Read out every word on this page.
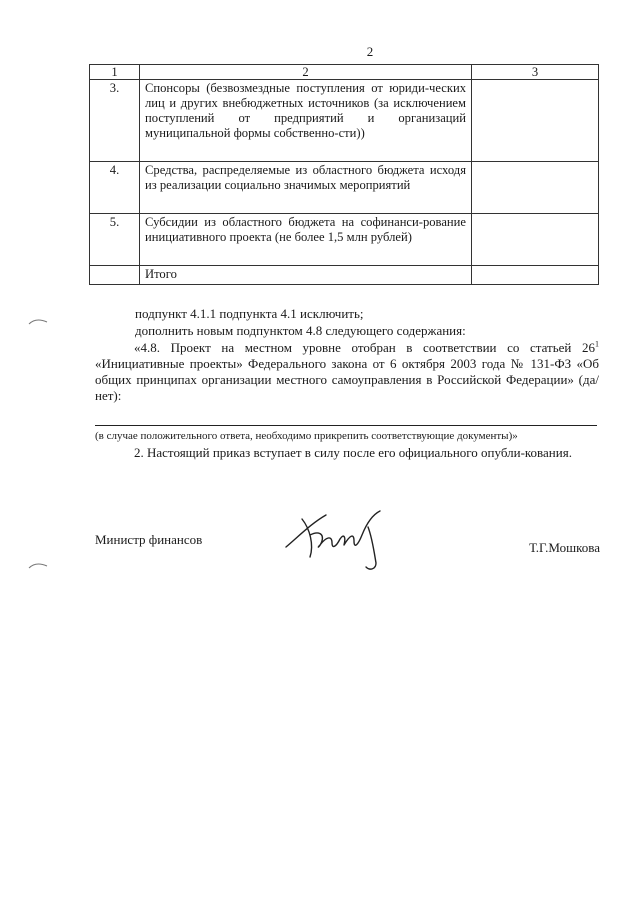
2
1	2	3
3.	Спонсоры (безвозмездные поступления от юриди-ческих лиц и других внебюджетных источников (за исключением поступлений от предприятий и организаций муниципальной формы собственно-сти))	
4.	Средства, распределяемые из областного бюджета исходя из реализации социально значимых мероприятий	
5.	Субсидии из областного бюджета на софинанси-рование инициативного проекта (не более 1,5 млн рублей)	
	Итого	

подпункт 4.1.1 подпункта 4.1 исключить;

дополнить новым подпунктом 4.8 следующего содержания:

«4.8. Проект на местном уровне отобран в соответствии со статьей $26^1$ «Инициативные проекты» Федерального закона от 6 октября 2003 года № 131-ФЗ «Об общих принципах организации местного самоуправления в Российской Федерации» (да/нет):

(в случае положительного ответа, необходимо прикрепить соответствующие документы)»

2. Настоящий приказ вступает в силу после его официального опубли-кования.

Министр финансов
Т.Г.Мошкова
